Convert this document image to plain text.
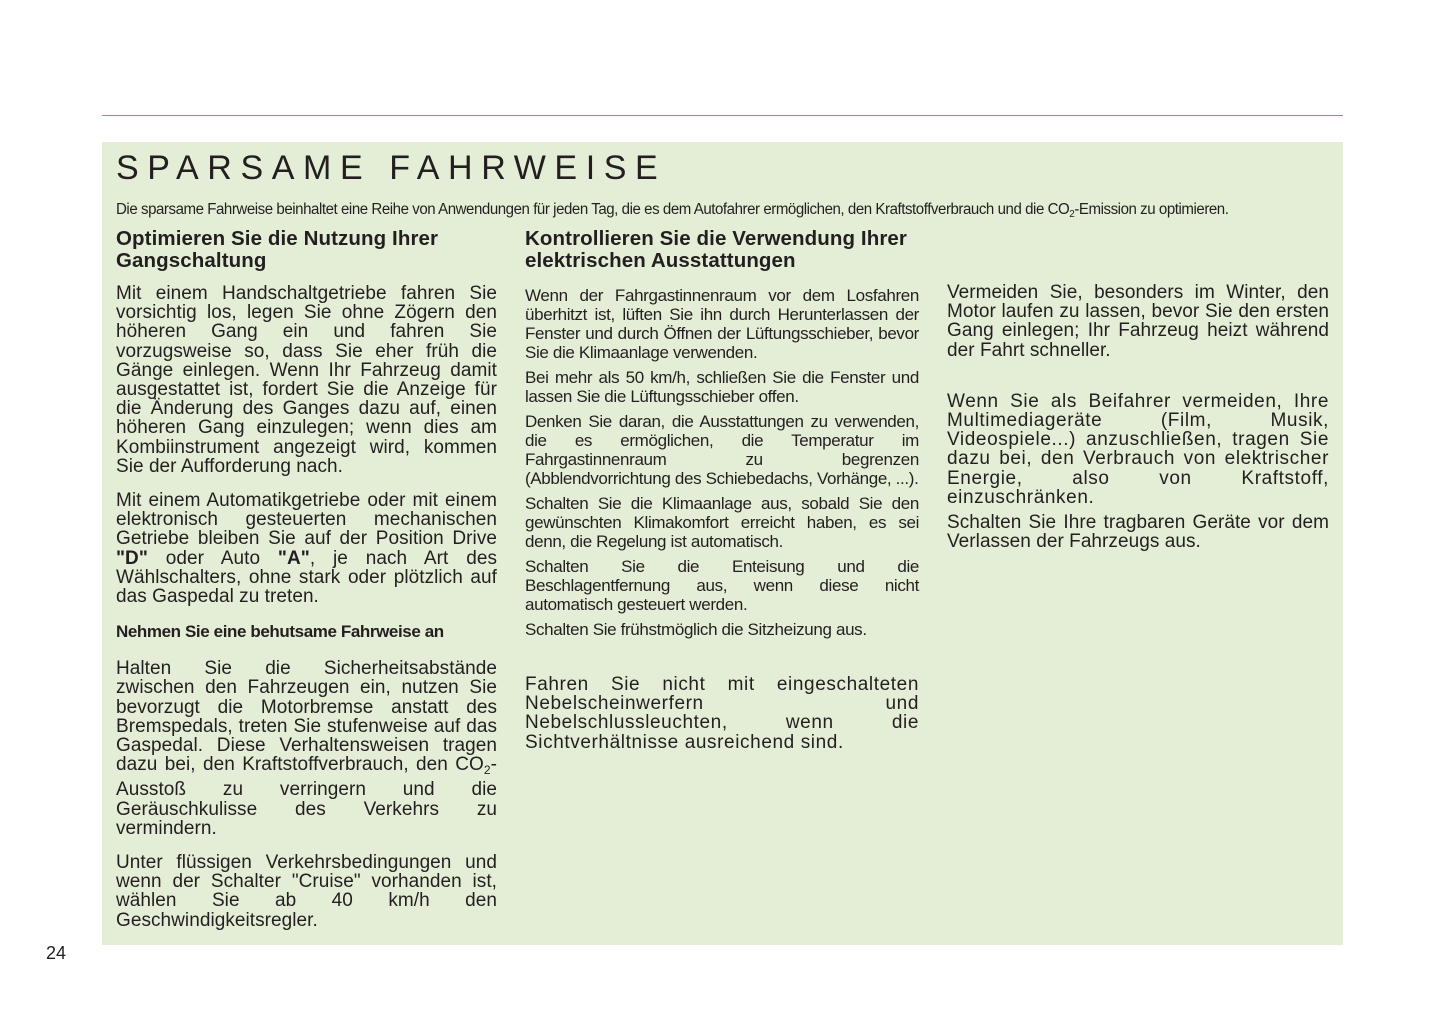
SPARSAME FAHRWEISE
Die sparsame Fahrweise beinhaltet eine Reihe von Anwendungen für jeden Tag, die es dem Autofahrer ermöglichen, den Kraftstoffverbrauch und die $CO_2$-Emission zu optimieren.
Optimieren Sie die Nutzung Ihrer Gangschaltung

Mit einem Handschaltgetriebe fahren Sie vorsichtig los, legen Sie ohne Zögern den höheren Gang ein und fahren Sie vorzugsweise so, dass Sie eher früh die Gänge einlegen. Wenn Ihr Fahrzeug damit ausgestattet ist, fordert Sie die Anzeige für die Änderung des Ganges dazu auf, einen höheren Gang einzulegen; wenn dies am Kombiinstrument angezeigt wird, kommen Sie der Aufforderung nach.

Mit einem Automatikgetriebe oder mit einem elektronisch gesteuerten mechanischen Getriebe bleiben Sie auf der Position Drive "D" oder Auto "A", je nach Art des Wählschalters, ohne stark oder plötzlich auf das Gaspedal zu treten.

Nehmen Sie eine behutsame Fahrweise an

Halten Sie die Sicherheitsabstände zwischen den Fahrzeugen ein, nutzen Sie bevorzugt die Motorbremse anstatt des Bremspedals, treten Sie stufenweise auf das Gaspedal. Diese Verhaltensweisen tragen dazu bei, den Kraftstoffverbrauch, den $CO_2$-Ausstoß zu verringern und die Geräuschkulisse des Verkehrs zu vermindern.

Unter flüssigen Verkehrsbedingungen und wenn der Schalter "Cruise" vorhanden ist, wählen Sie ab 40 km/h den Geschwindigkeitsregler.

Kontrollieren Sie die Verwendung Ihrer elektrischen Ausstattungen

Wenn der Fahrgastinnenraum vor dem Losfahren überhitzt ist, lüften Sie ihn durch Herunterlassen der Fenster und durch Öffnen der Lüftungsschieber, bevor Sie die Klimaanlage verwenden.

Bei mehr als 50 km/h, schließen Sie die Fenster und lassen Sie die Lüftungsschieber offen.

Denken Sie daran, die Ausstattungen zu verwenden, die es ermöglichen, die Temperatur im Fahrgastinnenraum zu begrenzen (Abblendvorrichtung des Schiebedachs, Vorhänge, ...).

Schalten Sie die Klimaanlage aus, sobald Sie den gewünschten Klimakomfort erreicht haben, es sei denn, die Regelung ist automatisch.

Schalten Sie die Enteisung und die Beschlagentfernung aus, wenn diese nicht automatisch gesteuert werden.

Schalten Sie frühstmöglich die Sitzheizung aus.

Fahren Sie nicht mit eingeschalteten Nebelscheinwerfern und Nebelschlussleuchten, wenn die Sichtverhältnisse ausreichend sind.

Vermeiden Sie, besonders im Winter, den Motor laufen zu lassen, bevor Sie den ersten Gang einlegen; Ihr Fahrzeug heizt während der Fahrt schneller.

Wenn Sie als Beifahrer vermeiden, Ihre Multimediageräte (Film, Musik, Videospiele...) anzuschließen, tragen Sie dazu bei, den Verbrauch von elektrischer Energie, also von Kraftstoff, einzuschränken.

Schalten Sie Ihre tragbaren Geräte vor dem Verlassen der Fahrzeugs aus.

24
